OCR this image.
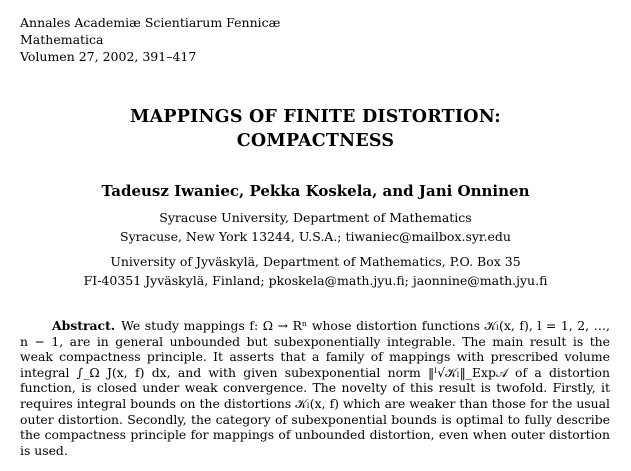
Annales Academiæ Scientiarum Fennicæ
Mathematica
Volumen 27, 2002, 391–417
MAPPINGS OF FINITE DISTORTION:
COMPACTNESS
Tadeusz Iwaniec, Pekka Koskela, and Jani Onninen
Syracuse University, Department of Mathematics
Syracuse, New York 13244, U.S.A.; tiwaniec@mailbox.syr.edu
University of Jyväskylä, Department of Mathematics, P.O. Box 35
FI-40351 Jyväskylä, Finland; pkoskela@math.jyu.fi; jaonnine@math.jyu.fi

Abstract. We study mappings f: Ω → Rⁿ whose distortion functions 𝒦ₗ(x, f), l = 1, 2, …, n − 1, are in general unbounded but subexponentially integrable. The main result is the weak compactness principle. It asserts that a family of mappings with prescribed volume integral ∫_Ω J(x, f) dx, and with given subexponential norm ‖ˡ√𝒦ₗ‖_Exp𝒜 of a distortion function, is closed under weak convergence. The novelty of this result is twofold. Firstly, it requires integral bounds on the distortions 𝒦ₗ(x, f) which are weaker than those for the usual outer distortion. Secondly, the category of subexponential bounds is optimal to fully describe the compactness principle for mappings of unbounded distortion, even when outer distortion is used.
